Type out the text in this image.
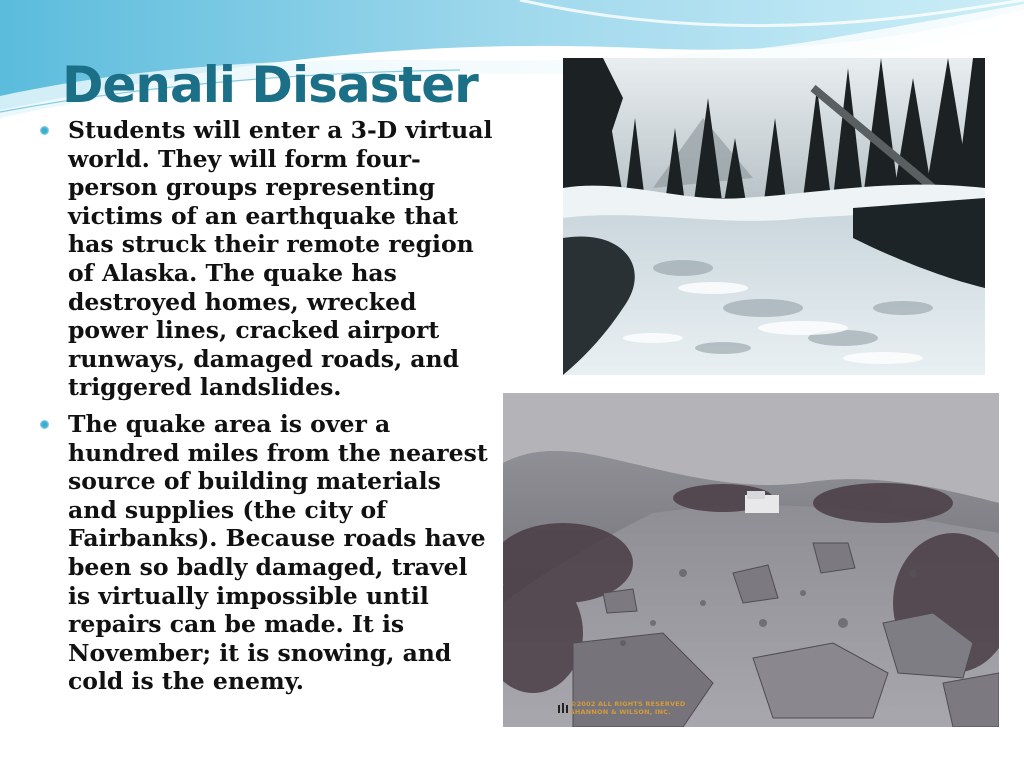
Denali Disaster
Students will enter a 3-D virtual world. They will form four-person groups representing victims of an earthquake that has struck their remote region of Alaska. The quake has destroyed homes, wrecked power lines, cracked airport runways, damaged roads, and triggered landslides.
The quake area is over a hundred miles from the nearest source of building materials and supplies (the city of Fairbanks). Because roads have been so badly damaged, travel is virtually impossible until repairs can be made. It is November; it is snowing, and cold is the enemy.
©2002 ALL RIGHTS RESERVED
SHANNON & WILSON, INC.
